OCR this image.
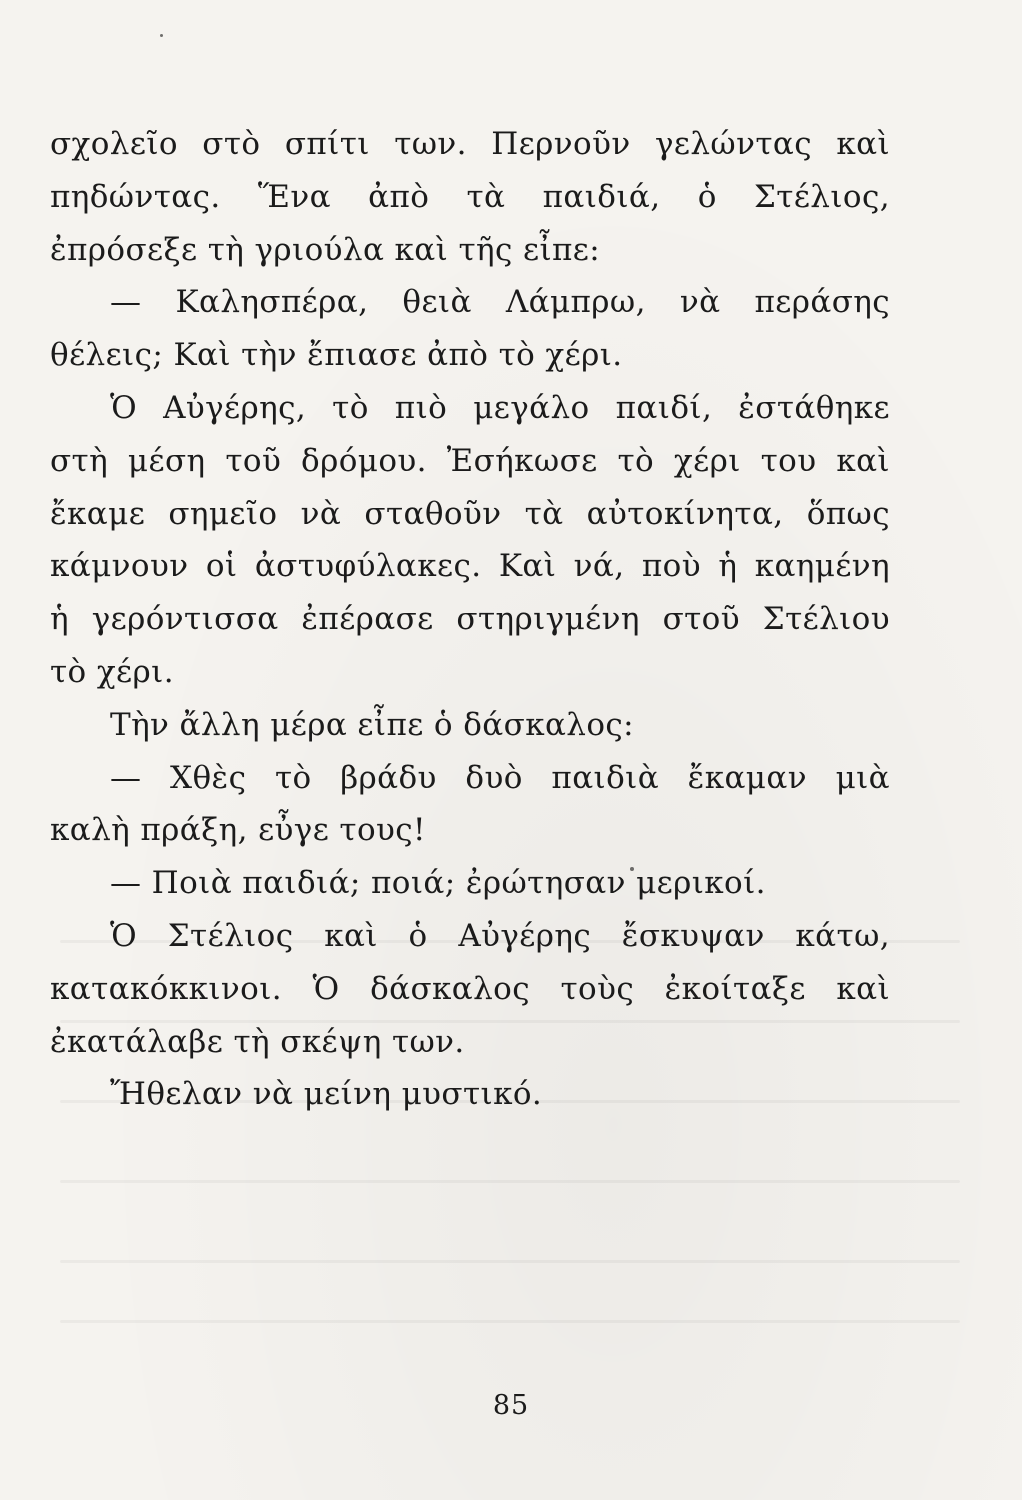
σχολεῖο στὸ σπίτι των. Περνοῦν γελώντας καὶ
πηδώντας. Ἕνα ἀπὸ τὰ παιδιά, ὁ Στέλιος,
ἐπρόσεξε τὴ γριούλα καὶ τῆς εἶπε:
— Καλησπέρα, θειὰ Λάμπρω, νὰ περάσης
θέλεις; Καὶ τὴν ἔπιασε ἀπὸ τὸ χέρι.
Ὁ Αὐγέρης, τὸ πιὸ μεγάλο παιδί, ἐστάθηκε
στὴ μέση τοῦ δρόμου. Ἐσήκωσε τὸ χέρι του καὶ
ἔκαμε σημεῖο νὰ σταθοῦν τὰ αὐτοκίνητα, ὅπως
κάμνουν οἱ ἀστυφύλακες. Καὶ νά, ποὺ ἡ καημένη
ἡ γερόντισσα ἐπέρασε στηριγμένη στοῦ Στέλιου
τὸ χέρι.
Τὴν ἄλλη μέρα εἶπε ὁ δάσκαλος:
— Χθὲς τὸ βράδυ δυὸ παιδιὰ ἔκαμαν μιὰ
καλὴ πράξη, εὖγε τους!
— Ποιὰ παιδιά; ποιά; ἐρώτησαν μερικοί.
Ὁ Στέλιος καὶ ὁ Αὐγέρης ἔσκυψαν κάτω,
κατακόκκινοι. Ὁ δάσκαλος τοὺς ἐκοίταξε καὶ
ἐκατάλαβε τὴ σκέψη των.
Ἤθελαν νὰ μείνη μυστικό.
85
